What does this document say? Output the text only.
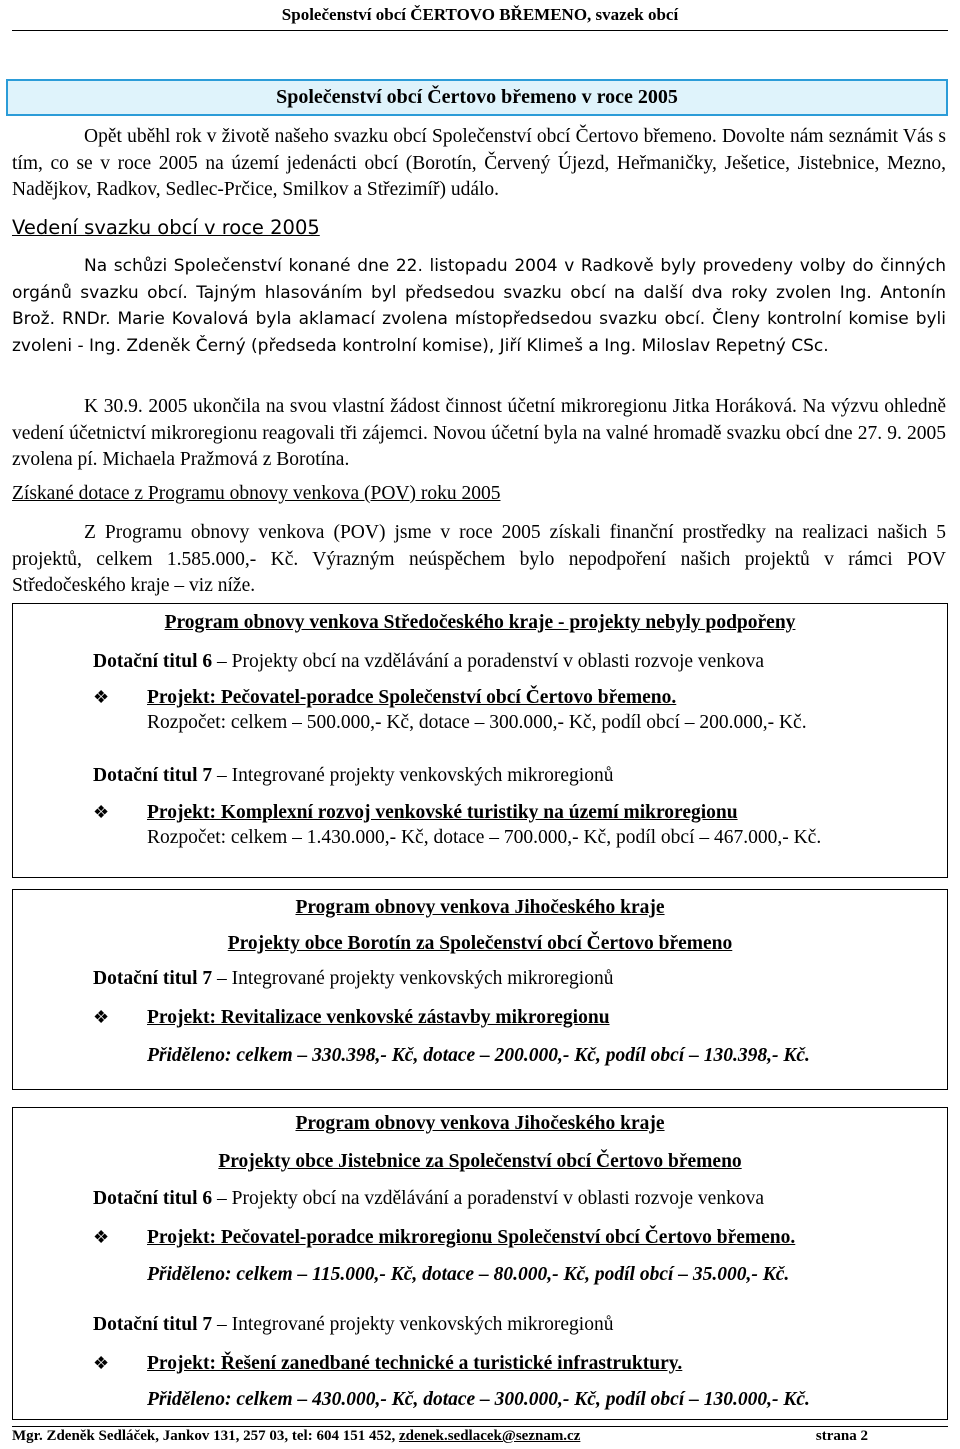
Společenství obcí ČERTOVO BŘEMENO, svazek obcí
Společenství obcí Čertovo břemeno v roce 2005

Opět uběhl rok v životě našeho svazku obcí Společenství obcí Čertovo břemeno. Dovolte nám seznámit Vás s tím, co se v roce 2005 na území jedenácti obcí (Borotín, Červený Újezd, Heřmaničky, Ješetice, Jistebnice, Mezno, Nadějkov, Radkov, Sedlec-Prčice, Smilkov a Střezimíř) událo.

Vedení svazku obcí v roce 2005

Na schůzi Společenství konané dne 22. listopadu 2004 v Radkově byly provedeny volby do činných orgánů svazku obcí. Tajným hlasováním byl předsedou svazku obcí na další dva roky zvolen Ing. Antonín Brož. RNDr. Marie Kovalová byla aklamací zvolena místopředsedou svazku obcí. Členy kontrolní komise byli zvoleni - Ing. Zdeněk Černý (předseda kontrolní komise), Jiří Klimeš a Ing. Miloslav Repetný CSc.

K 30.9. 2005 ukončila na svou vlastní žádost činnost účetní mikroregionu Jitka Horáková. Na výzvu ohledně vedení účetnictví mikroregionu reagovali tři zájemci. Novou účetní byla na valné hromadě svazku obcí dne 27. 9. 2005 zvolena pí. Michaela Pražmová z Borotína.

Získané dotace z Programu obnovy venkova (POV) roku 2005

Z Programu obnovy venkova (POV) jsme v roce 2005 získali finanční prostředky na realizaci našich 5 projektů, celkem 1.585.000,- Kč. Výrazným neúspěchem bylo nepodpoření našich projektů v rámci POV Středočeského kraje – viz níže.

Program obnovy venkova Středočeského kraje - projekty nebyly podpořeny
Dotační titul 6 – Projekty obcí na vzdělávání a poradenství v oblasti rozvoje venkova
❖ Projekt: Pečovatel-poradce Společenství obcí Čertovo břemeno.
Rozpočet: celkem – 500.000,- Kč, dotace – 300.000,- Kč, podíl obcí – 200.000,- Kč.
Dotační titul 7 – Integrované projekty venkovských mikroregionů
❖ Projekt: Komplexní rozvoj venkovské turistiky na území mikroregionu
Rozpočet: celkem – 1.430.000,- Kč, dotace – 700.000,- Kč, podíl obcí – 467.000,- Kč.
Program obnovy venkova Jihočeského kraje
Projekty obce Borotín za Společenství obcí Čertovo břemeno
Dotační titul 7 – Integrované projekty venkovských mikroregionů
❖ Projekt: Revitalizace venkovské zástavby mikroregionu
Přiděleno: celkem – 330.398,- Kč, dotace – 200.000,- Kč, podíl obcí – 130.398,- Kč.
Program obnovy venkova Jihočeského kraje
Projekty obce Jistebnice za Společenství obcí Čertovo břemeno
Dotační titul 6 – Projekty obcí na vzdělávání a poradenství v oblasti rozvoje venkova
❖ Projekt: Pečovatel-poradce mikroregionu Společenství obcí Čertovo břemeno.
Přiděleno: celkem – 115.000,- Kč, dotace – 80.000,- Kč, podíl obcí – 35.000,- Kč.
Dotační titul 7 – Integrované projekty venkovských mikroregionů
❖ Projekt: Řešení zanedbané technické a turistické infrastruktury.
Přiděleno: celkem – 430.000,- Kč, dotace – 300.000,- Kč, podíl obcí – 130.000,- Kč.
Mgr. Zdeněk Sedláček, Jankov 131, 257 03, tel: 604 151 452, zdenek.sedlacek@seznam.cz	strana 2
